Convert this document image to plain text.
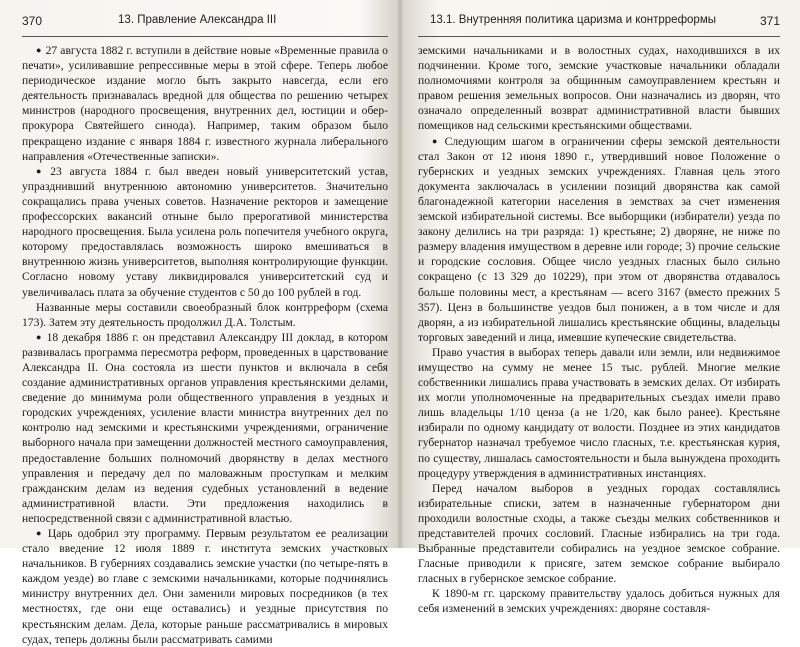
370	13. Правление Александра III

● 27 августа 1882 г. вступили в действие новые «Временные правила о печати», усиливавшие репрессивные меры в этой сфере. Теперь любое периодическое издание могло быть закрыто навсегда, если его деятельность признавалась вредной для общества по решению четырех министров (народного просвещения, внутренних дел, юстиции и обер-прокурора Святейшего синода). Например, таким образом было прекращено издание с января 1884 г. известного журнала либерального направления «Отечественные записки».

● 23 августа 1884 г. был введен новый университетский устав, упразднивший внутреннюю автономию университетов. Значительно сокращались права ученых советов. Назначение ректоров и замещение профессорских вакансий отныне было прерогативой министерства народного просвещения. Была усилена роль попечителя учебного округа, которому предоставлялась возможность широко вмешиваться в внутреннюю жизнь университетов, выполняя контролирующие функции. Согласно новому уставу ликвидировался университетский суд и увеличивалась плата за обучение студентов с 50 до 100 рублей в год.

Названные меры составили своеобразный блок контрреформ (схема 173). Затем эту деятельность продолжил Д.А. Толстым.

● 18 декабря 1886 г. он представил Александру III доклад, в котором развивалась программа пересмотра реформ, проведенных в царствование Александра II. Она состояла из шести пунктов и включала в себя создание административных органов управления крестьянскими делами, сведение до минимума роли общественного управления в уездных и городских учреждениях, усиление власти министра внутренних дел по контролю над земскими и крестьянскими учреждениями, ограничение выборного начала при замещении должностей местного самоуправления, предоставление больших полномочий дворянству в делах местного управления и передачу дел по маловажным проступкам и мелким гражданским делам из ведения судебных установлений в ведение административной власти. Эти предложения находились в непосредственной связи с административной властью.

● Царь одобрил эту программу. Первым результатом ее реализации стало введение 12 июля 1889 г. института земских участковых начальников. В губерниях создавались земские участки (по четыре-пять в каждом уезде) во главе с земскими начальниками, которые подчинялись министру внутренних дел. Они заменили мировых посредников (в тех местностях, где они еще оставались) и уездные присутствия по крестьянским делам. Дела, которые раньше рассматривались в мировых судах, теперь должны были рассматривать самими

13.1. Внутренняя политика царизма и контрреформы	371

земскими начальниками и в волостных судах, находившихся в их подчинении. Кроме того, земские участковые начальники обладали полномочиями контроля за общинным самоуправлением крестьян и правом решения земельных вопросов. Они назначались из дворян, что означало определенный возврат административной власти бывших помещиков над сельскими крестьянскими обществами.

● Следующим шагом в ограничении сферы земской деятельности стал Закон от 12 июня 1890 г., утвердивший новое Положение о губернских и уездных земских учреждениях. Главная цель этого документа заключалась в усилении позиций дворянства как самой благонадежной категории населения в земствах за счет изменения земской избирательной системы. Все выборщики (избиратели) уезда по закону делились на три разряда: 1) крестьяне; 2) дворяне, не ниже по размеру владения имуществом в деревне или городе; 3) прочие сельские и городские сословия. Общее число уездных гласных было сильно сокращено (с 13 329 до 10229), при этом от дворянства отдавалось больше половины мест, а крестьянам — всего 3167 (вместо прежних 5 357). Ценз в большинстве уездов был понижен, а в том числе и для дворян, а из избирательной лишались крестьянские общины, владельцы торговых заведений и лица, имевшие купеческие свидетельства.

Право участия в выборах теперь давали или земли, или недвижимое имущество на сумму не менее 15 тыс. рублей. Многие мелкие собственники лишались права участвовать в земских делах. От избирать их могли уполномоченные на предварительных съездах имели право лишь владельцы 1/10 ценза (а не 1/20, как было ранее). Крестьяне избирали по одному кандидату от волости. Позднее из этих кандидатов губернатор назначал требуемое число гласных, т.е. крестьянская курия, по существу, лишалась самостоятельности и была вынуждена проходить процедуру утверждения в административных инстанциях.

Перед началом выборов в уездных городах составлялись избирательные списки, затем в назначенные губернатором дни проходили волостные сходы, а также съезды мелких собственников и представителей прочих сословий. Гласные избирались на три года. Выбранные представители собирались на уездное земское собрание. Гласные приводили к присяге, затем земское собрание выбирало гласных в губернское земское собрание.

К 1890-м гг. царскому правительству удалось добиться нужных для себя изменений в земских учреждениях: дворяне составля-
